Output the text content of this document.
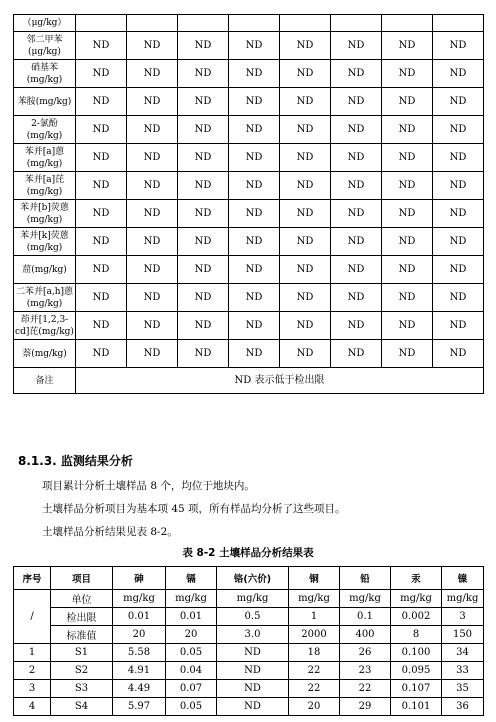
（μg/kg）								
邻二甲苯(μg/kg)	ND	ND	ND	ND	ND	ND	ND	ND
硝基苯(mg/kg)	ND	ND	ND	ND	ND	ND	ND	ND
苯胺(mg/kg)	ND	ND	ND	ND	ND	ND	ND	ND
2-氯酚(mg/kg)	ND	ND	ND	ND	ND	ND	ND	ND
苯并[a]蒽(mg/kg)	ND	ND	ND	ND	ND	ND	ND	ND
苯并[a]芘(mg/kg)	ND	ND	ND	ND	ND	ND	ND	ND
苯并[b]荧蒽(mg/kg)	ND	ND	ND	ND	ND	ND	ND	ND
苯并[k]荧蒽(mg/kg)	ND	ND	ND	ND	ND	ND	ND	ND
䓛(mg/kg)	ND	ND	ND	ND	ND	ND	ND	ND
二苯并[a,h]蒽(mg/kg)	ND	ND	ND	ND	ND	ND	ND	ND
茚并[1,2,3-cd]芘(mg/kg)	ND	ND	ND	ND	ND	ND	ND	ND
萘(mg/kg)	ND	ND	ND	ND	ND	ND	ND	ND
备注	ND 表示低于检出限							
8.1.3. 监测结果分析
项目累计分析土壤样品 8 个，均位于地块内。
土壤样品分析项目为基本项 45 项，所有样品均分析了这些项目。
土壤样品分析结果见表 8-2。
表 8-2 土壤样品分析结果表
序号	项目	砷	镉	铬(六价)	铜	铅	汞	镍
/	单位	mg/kg	mg/kg	mg/kg	mg/kg	mg/kg	mg/kg	mg/kg
	检出限	0.01	0.01	0.5	1	0.1	0.002	3
	标准值	20	20	3.0	2000	400	8	150
1	S1	5.58	0.05	ND	18	26	0.100	34
2	S2	4.91	0.04	ND	22	23	0.095	33
3	S3	4.49	0.07	ND	22	22	0.107	35
4	S4	5.97	0.05	ND	20	29	0.101	36
